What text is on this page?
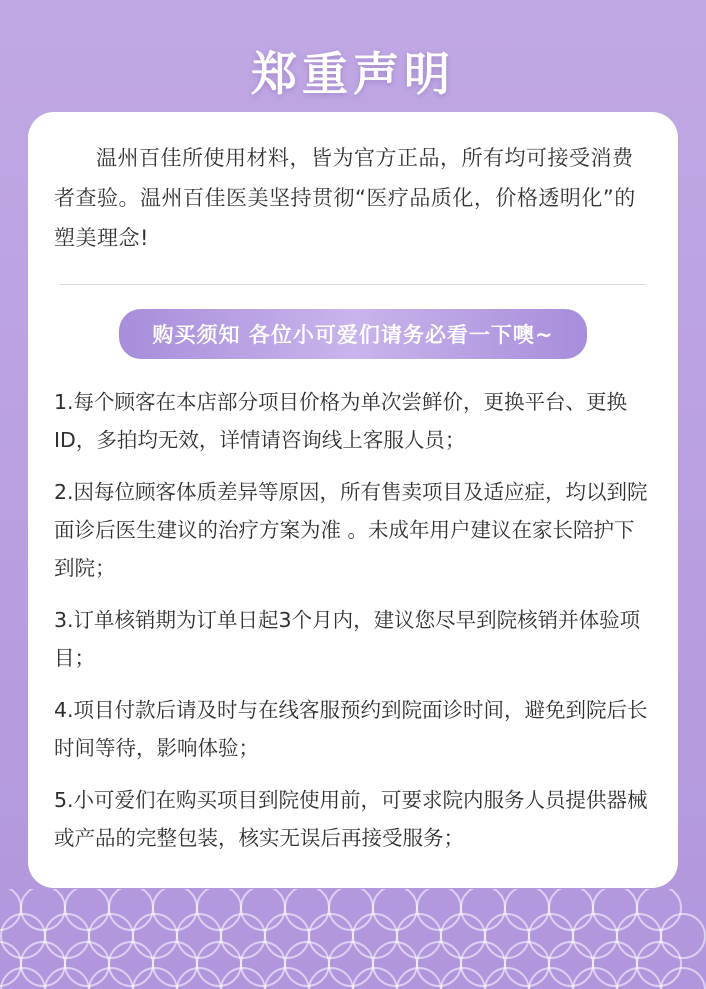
郑重声明
温州百佳所使用材料，皆为官方正品，所有均可接受消费者查验。温州百佳医美坚持贯彻“医疗品质化，价格透明化”的塑美理念!
购买须知 各位小可爱们请务必看一下噢~
1.每个顾客在本店部分项目价格为单次尝鲜价，更换平台、更换ID，多拍均无效，详情请咨询线上客服人员；
2.因每位顾客体质差异等原因，所有售卖项目及适应症，均以到院面诊后医生建议的治疗方案为准 。未成年用户建议在家长陪护下到院；
3.订单核销期为订单日起3个月内，建议您尽早到院核销并体验项目；
4.项目付款后请及时与在线客服预约到院面诊时间，避免到院后长时间等待，影响体验；
5.小可爱们在购买项目到院使用前，可要求院内服务人员提供器械或产品的完整包装，核实无误后再接受服务；
